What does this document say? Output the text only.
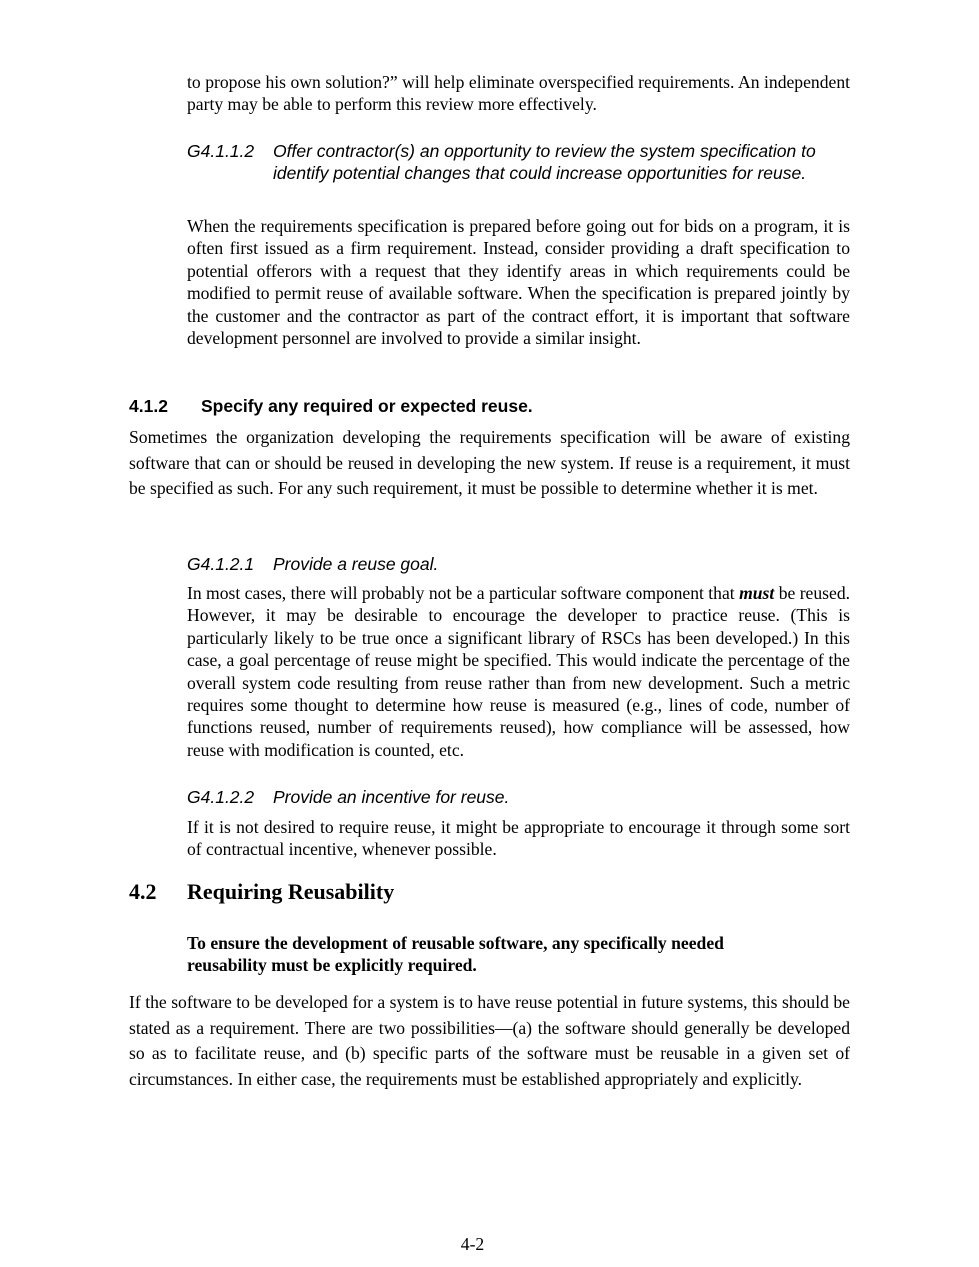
to propose his own solution?” will help eliminate overspecified requirements. An independent party may be able to perform this review more effectively.
G4.1.1.2	Offer contractor(s) an opportunity to review the system specification to identify potential changes that could increase opportunities for reuse.
When the requirements specification is prepared before going out for bids on a program, it is often first issued as a firm requirement. Instead, consider providing a draft specification to potential offerors with a request that they identify areas in which requirements could be modified to permit reuse of available software. When the specification is prepared jointly by the customer and the contractor as part of the contract effort, it is important that software development personnel are involved to provide a similar insight.
4.1.2	Specify any required or expected reuse.
Sometimes the organization developing the requirements specification will be aware of existing software that can or should be reused in developing the new system. If reuse is a requirement, it must be specified as such. For any such requirement, it must be possible to determine whether it is met.
G4.1.2.1	Provide a reuse goal.
In most cases, there will probably not be a particular software component that must be reused. However, it may be desirable to encourage the developer to practice reuse. (This is particularly likely to be true once a significant library of RSCs has been developed.) In this case, a goal percentage of reuse might be specified. This would indicate the percentage of the overall system code resulting from reuse rather than from new development. Such a metric requires some thought to determine how reuse is measured (e.g., lines of code, number of functions reused, number of requirements reused), how compliance will be assessed, how reuse with modification is counted, etc.
G4.1.2.2	Provide an incentive for reuse.
If it is not desired to require reuse, it might be appropriate to encourage it through some sort of contractual incentive, whenever possible.
4.2	Requiring Reusability
To ensure the development of reusable software, any specifically needed reusability must be explicitly required.
If the software to be developed for a system is to have reuse potential in future systems, this should be stated as a requirement. There are two possibilities—(a) the software should generally be developed so as to facilitate reuse, and (b) specific parts of the software must be reusable in a given set of circumstances. In either case, the requirements must be established appropriately and explicitly.
4-2
